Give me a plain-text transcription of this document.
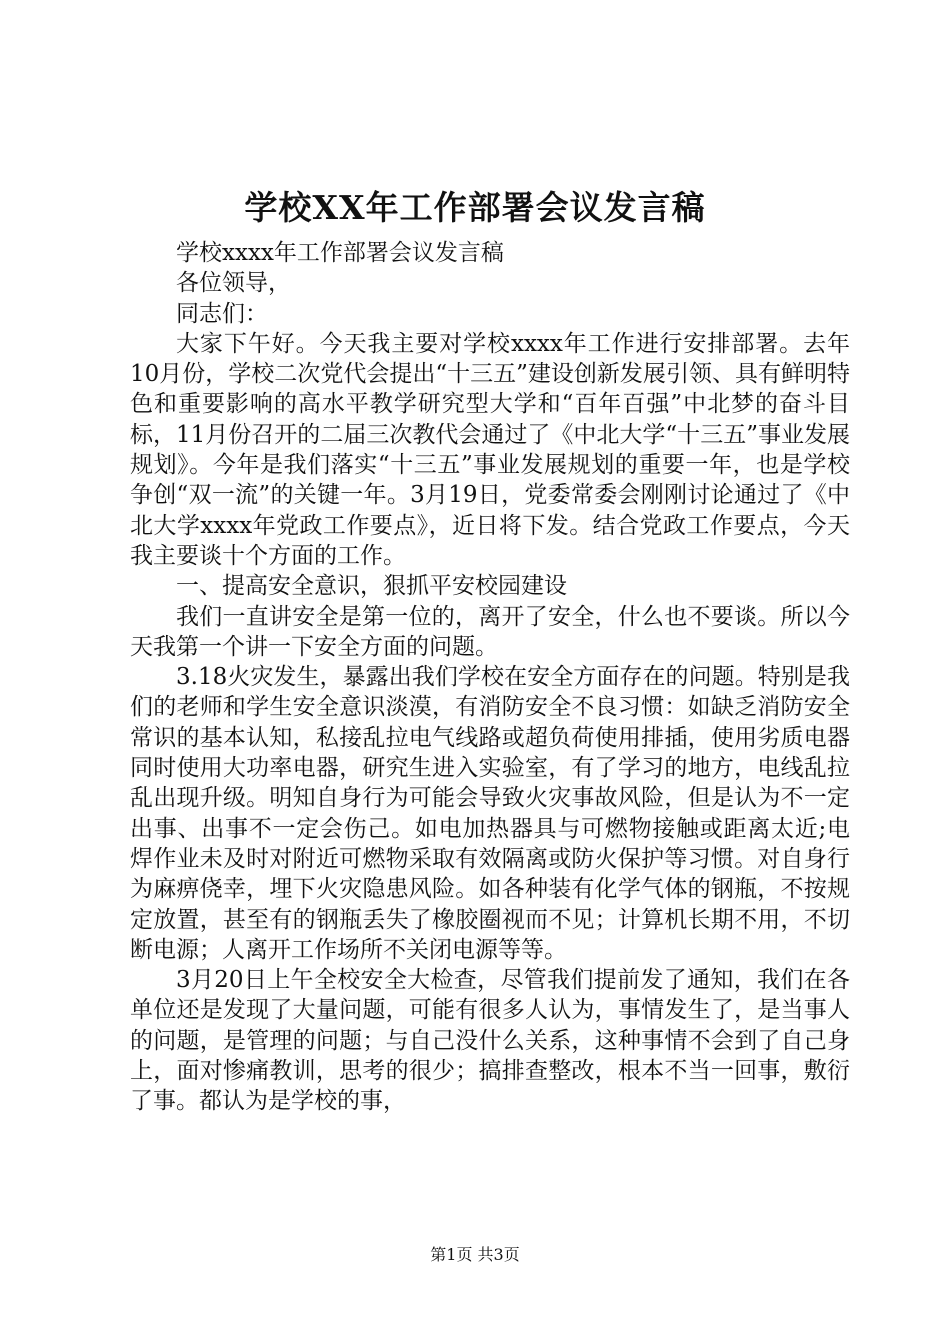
学校XX年工作部署会议发言稿

学校xxxx年工作部署会议发言稿

各位领导，

同志们：

大家下午好。今天我主要对学校xxxx年工作进行安排部署。去年10月份，学校二次党代会提出“十三五”建设创新发展引领、具有鲜明特色和重要影响的高水平教学研究型大学和“百年百强”中北梦的奋斗目标，11月份召开的二届三次教代会通过了《中北大学“十三五”事业发展规划》。今年是我们落实“十三五”事业发展规划的重要一年，也是学校争创“双一流”的关键一年。3月19日，党委常委会刚刚讨论通过了《中北大学xxxx年党政工作要点》，近日将下发。结合党政工作要点，今天我主要谈十个方面的工作。

一、提高安全意识，狠抓平安校园建设

我们一直讲安全是第一位的，离开了安全，什么也不要谈。所以今天我第一个讲一下安全方面的问题。

3.18火灾发生，暴露出我们学校在安全方面存在的问题。特别是我们的老师和学生安全意识淡漠，有消防安全不良习惯：如缺乏消防安全常识的基本认知，私接乱拉电气线路或超负荷使用排插，使用劣质电器同时使用大功率电器，研究生进入实验室，有了学习的地方，电线乱拉乱出现升级。明知自身行为可能会导致火灾事故风险，但是认为不一定出事、出事不一定会伤己。如电加热器具与可燃物接触或距离太近;电焊作业未及时对附近可燃物采取有效隔离或防火保护等习惯。对自身行为麻痹侥幸，埋下火灾隐患风险。如各种装有化学气体的钢瓶，不按规定放置，甚至有的钢瓶丢失了橡胶圈视而不见；计算机长期不用，不切断电源；人离开工作场所不关闭电源等等。

3月20日上午全校安全大检查，尽管我们提前发了通知，我们在各单位还是发现了大量问题，可能有很多人认为，事情发生了，是当事人的问题，是管理的问题；与自己没什么关系，这种事情不会到了自己身上，面对惨痛教训，思考的很少；搞排查整改，根本不当一回事，敷衍了事。都认为是学校的事，

第1页 共3页
